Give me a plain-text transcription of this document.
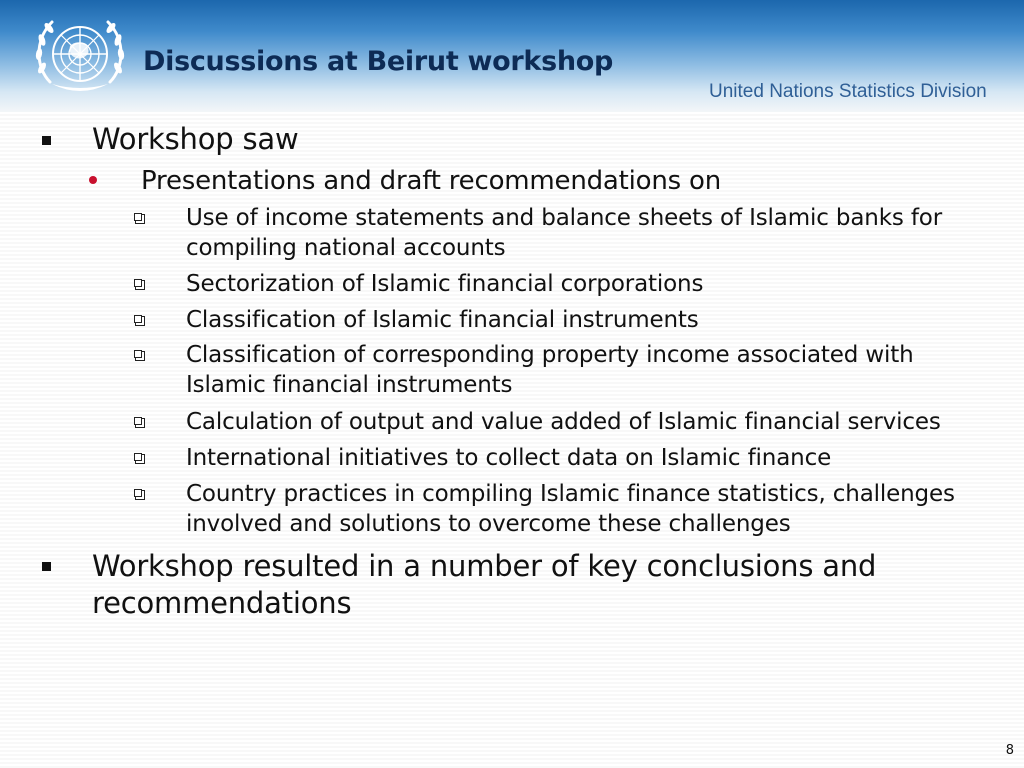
Discussions at Beirut workshop
United Nations Statistics Division
Workshop saw
Presentations and draft recommendations on
Use of income statements and balance sheets of Islamic banks for
compiling national accounts
Sectorization of Islamic financial corporations
Classification of Islamic financial instruments
Classification of corresponding property income associated with
Islamic financial instruments
Calculation of output and value added of Islamic financial services
International initiatives to collect data on Islamic finance
Country practices in compiling Islamic finance statistics, challenges
involved and solutions to overcome these challenges
Workshop resulted in a number of key conclusions and
recommendations
8
